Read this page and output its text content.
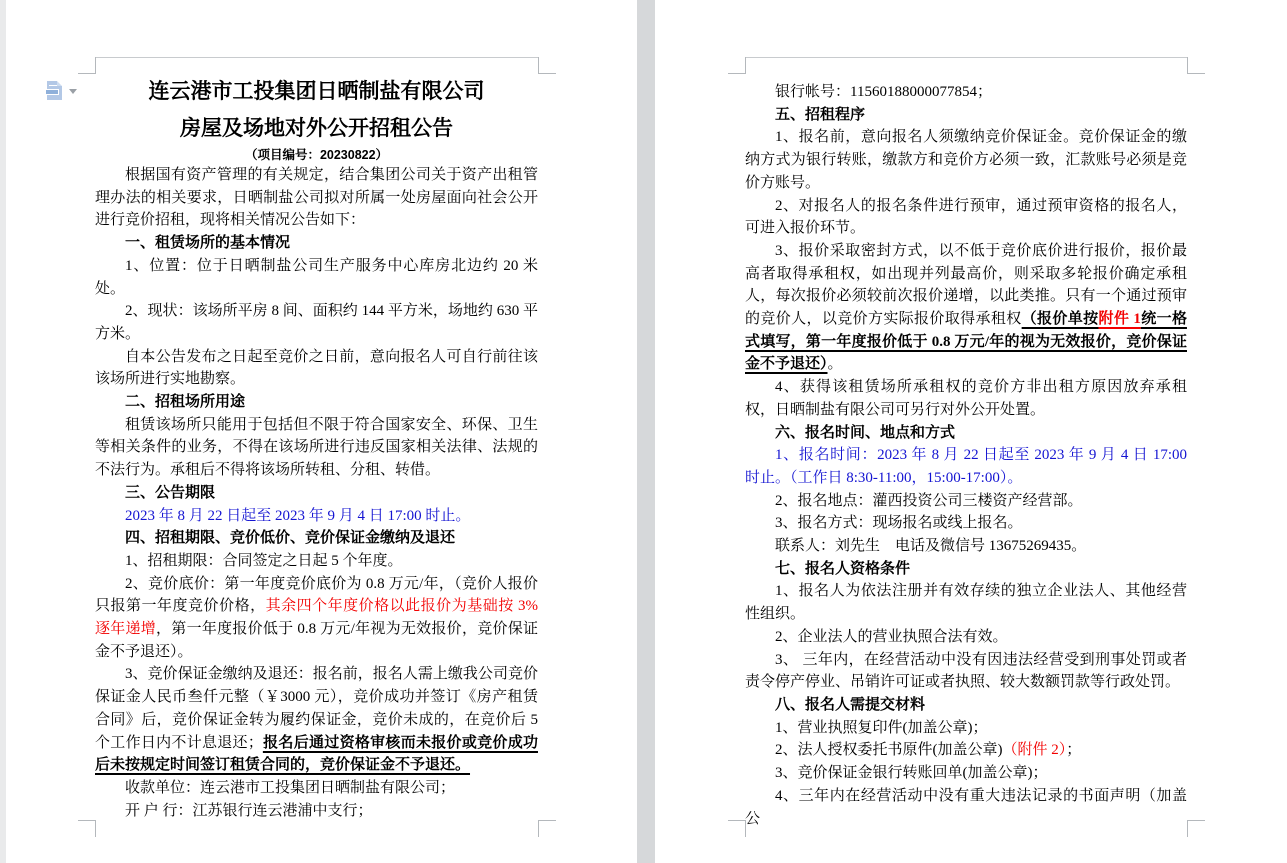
连云港市工投集团日晒制盐有限公司

房屋及场地对外公开招租公告

（项目编号：20230822）

根据国有资产管理的有关规定，结合集团公司关于资产出租管理办法的相关要求，日晒制盐公司拟对所属一处房屋面向社会公开进行竞价招租，现将相关情况公告如下：

一、租赁场所的基本情况

1、位置：位于日晒制盐公司生产服务中心库房北边约 20 米处。

2、现状：该场所平房 8 间、面积约 144 平方米，场地约 630 平方米。

自本公告发布之日起至竞价之日前，意向报名人可自行前往该该场所进行实地勘察。

二、招租场所用途

租赁该场所只能用于包括但不限于符合国家安全、环保、卫生等相关条件的业务，不得在该场所进行违反国家相关法律、法规的不法行为。承租后不得将该场所转租、分租、转借。

三、公告期限

2023 年 8 月 22 日起至 2023 年 9 月 4 日 17:00 时止。

四、招租期限、竞价低价、竞价保证金缴纳及退还

1、招租期限：合同签定之日起 5 个年度。

2、竞价底价：第一年度竞价底价为 0.8 万元/年，（竞价人报价只报第一年度竞价价格，其余四个年度价格以此报价为基础按 3%逐年递增，第一年度报价低于 0.8 万元/年视为无效报价，竞价保证金不予退还）。

3、竞价保证金缴纳及退还：报名前，报名人需上缴我公司竞价保证金人民币叁仟元整（￥3000 元），竞价成功并签订《房产租赁合同》后，竞价保证金转为履约保证金，竞价未成的，在竞价后 5 个工作日内不计息退还；报名后通过资格审核而未报价或竞价成功后未按规定时间签订租赁合同的，竞价保证金不予退还。

收款单位：连云港市工投集团日晒制盐有限公司；

开 户 行：江苏银行连云港浦中支行；

银行帐号：11560188000077854；

五、招租程序

1、报名前，意向报名人须缴纳竞价保证金。竞价保证金的缴纳方式为银行转账，缴款方和竞价方必须一致，汇款账号必须是竞价方账号。

2、对报名人的报名条件进行预审，通过预审资格的报名人，可进入报价环节。

3、报价采取密封方式，以不低于竞价底价进行报价，报价最高者取得承租权，如出现并列最高价，则采取多轮报价确定承租人，每次报价必须较前次报价递增，以此类推。只有一个通过预审的竞价人，以竞价方实际报价取得承租权（报价单按附件 1统一格式填写，第一年度报价低于 0.8 万元/年的视为无效报价，竞价保证金不予退还）。

4、获得该租赁场所承租权的竞价方非出租方原因放弃承租权，日晒制盐有限公司可另行对外公开处置。

六、报名时间、地点和方式

1、报名时间：2023 年 8 月 22 日起至 2023 年 9 月 4 日 17:00 时止。（工作日 8:30-11:00，15:00-17:00）。

2、报名地点：灌西投资公司三楼资产经营部。

3、报名方式：现场报名或线上报名。

联系人：刘先生　电话及微信号 13675269435。

七、报名人资格条件

1、报名人为依法注册并有效存续的独立企业法人、其他经营性组织。

2、企业法人的营业执照合法有效。

3、 三年内，在经营活动中没有因违法经营受到刑事处罚或者责令停产停业、吊销许可证或者执照、较大数额罚款等行政处罚。

八、报名人需提交材料

1、营业执照复印件(加盖公章)；

2、法人授权委托书原件(加盖公章)（附件 2）；

3、竞价保证金银行转账回单(加盖公章)；

4、三年内在经营活动中没有重大违法记录的书面声明（加盖公
